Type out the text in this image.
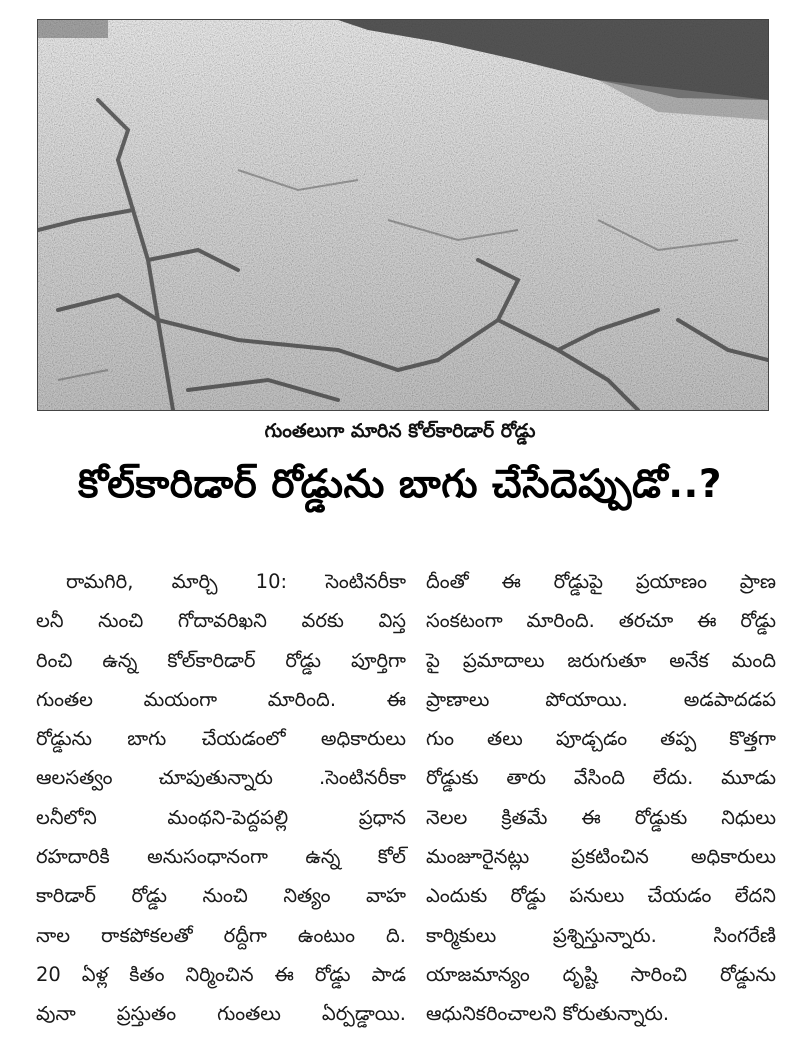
గుంతలుగా మారిన కోల్‌కారిడార్ రోడ్డు
కోల్‌కారిడార్ రోడ్డును బాగు చేసేదెప్పుడో..?
రామగిరి, మార్చి 10: సెంటినరీకా
లనీ నుంచి గోదావరిఖని వరకు విస్త
రించి ఉన్న కోల్‌కారిడార్ రోడ్డు పూర్తిగా
గుంతల మయంగా మారింది. ఈ
రోడ్డును బాగు చేయడంలో అధికారులు
ఆలసత్వం చూపుతున్నారు .సెంటినరీకా
లనీలోని మంథని-పెద్దపల్లి ప్రధాన
రహదారికి అనుసంధానంగా ఉన్న కోల్
కారిడార్ రోడ్డు నుంచి నిత్యం వాహ
నాల రాకపోకలతో రద్దీగా ఉంటుం ది.
20 ఏళ్ల కితం నిర్మించిన ఈ రోడ్డు పాడ
వునా ప్రస్తుతం గుంతలు ఏర్పడ్డాయి.
దీంతో ఈ రోడ్డుపై ప్రయాణం ప్రాణ
సంకటంగా మారింది. తరచూ ఈ రోడ్డు
పై ప్రమాదాలు జరుగుతూ అనేక మంది
ప్రాణాలు పోయాయి. అడపాదడప
గుం తలు పూడ్చడం తప్ప కొత్తగా
రోడ్డుకు తారు వేసింది లేదు. మూడు
నెలల క్రితమే ఈ రోడ్డుకు నిధులు
మంజూరైనట్లు ప్రకటించిన అధికారులు
ఎందుకు రోడ్డు పనులు చేయడం లేదని
కార్మికులు ప్రశ్నిస్తున్నారు. సింగరేణి
యాజమాన్యం దృష్టి సారించి రోడ్డును
ఆధునికరించాలని కోరుతున్నారు.
